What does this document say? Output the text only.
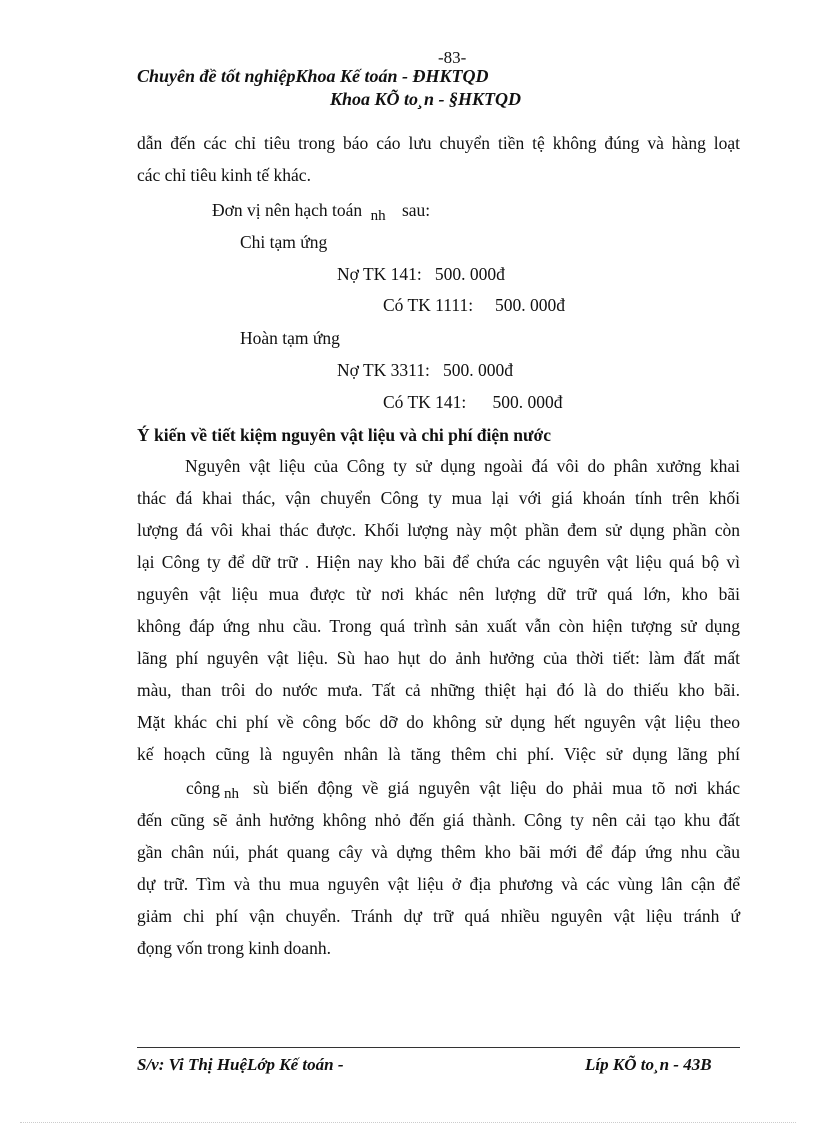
-83-
Chuyên đề tốt nghiệpKhoa Kế toán - ĐHKTQD
Khoa KÕ to¸n - §HKTQD
dẫn đến các chỉ tiêu trong báo cáo lưu chuyển tiền tệ không đúng và hàng loạt
các chỉ tiêu kinh tế khác.
Đơn vị nên hạch toán nh sau:
Chi tạm ứng
Nợ TK 141:   500. 000đ
Có TK 1111:     500. 000đ
Hoàn tạm ứng
Nợ TK 3311:   500. 000đ
Có TK 141:      500. 000đ
Ý kiến về tiết kiệm nguyên vật liệu và chi phí điện nước
Nguyên vật liệu của Công ty sử dụng ngoài đá vôi do phân xưởng khai
thác đá khai thác, vận chuyển Công ty mua lại với giá khoán tính trên khối
lượng đá vôi khai thác được. Khối lượng này một phần đem sử dụng phần còn
lại Công ty để dữ trữ . Hiện nay kho bãi để chứa các nguyên vật liệu quá bộ vì
nguyên vật liệu mua được từ nơi khác nên lượng dữ trữ quá lớn, kho bãi
không đáp ứng nhu cầu. Trong quá trình sản xuất vẫn còn hiện tượng sử dụng
lãng phí nguyên vật liệu. Sù hao hụt do ảnh hưởng của thời tiết: làm đất mất
màu, than trôi do nước mưa. Tất cả những thiệt hại đó là do thiếu kho bãi.
Mặt khác chi phí về công bốc dỡ do không sử dụng hết nguyên vật liệu theo
kế hoạch cũng là nguyên nhân là tăng thêm chi phí. Việc sử dụng lãng phí
công nh sù biến động về giá nguyên vật liệu do phải mua tõ nơi khác
đến cũng sẽ ảnh hưởng không nhỏ đến giá thành. Công ty nên cải tạo khu đất
gần chân núi, phát quang cây và dựng thêm kho bãi mới để đáp ứng nhu cầu
dự trữ. Tìm và thu mua nguyên vật liệu ở địa phương và các vùng lân cận để
giảm chi phí vận chuyển. Tránh dự trữ quá nhiều nguyên vật liệu tránh ứ
đọng vốn trong kinh doanh.
S/v: Vi Thị HuệLớp Kế toán -	Líp KÕ to¸n - 43B
